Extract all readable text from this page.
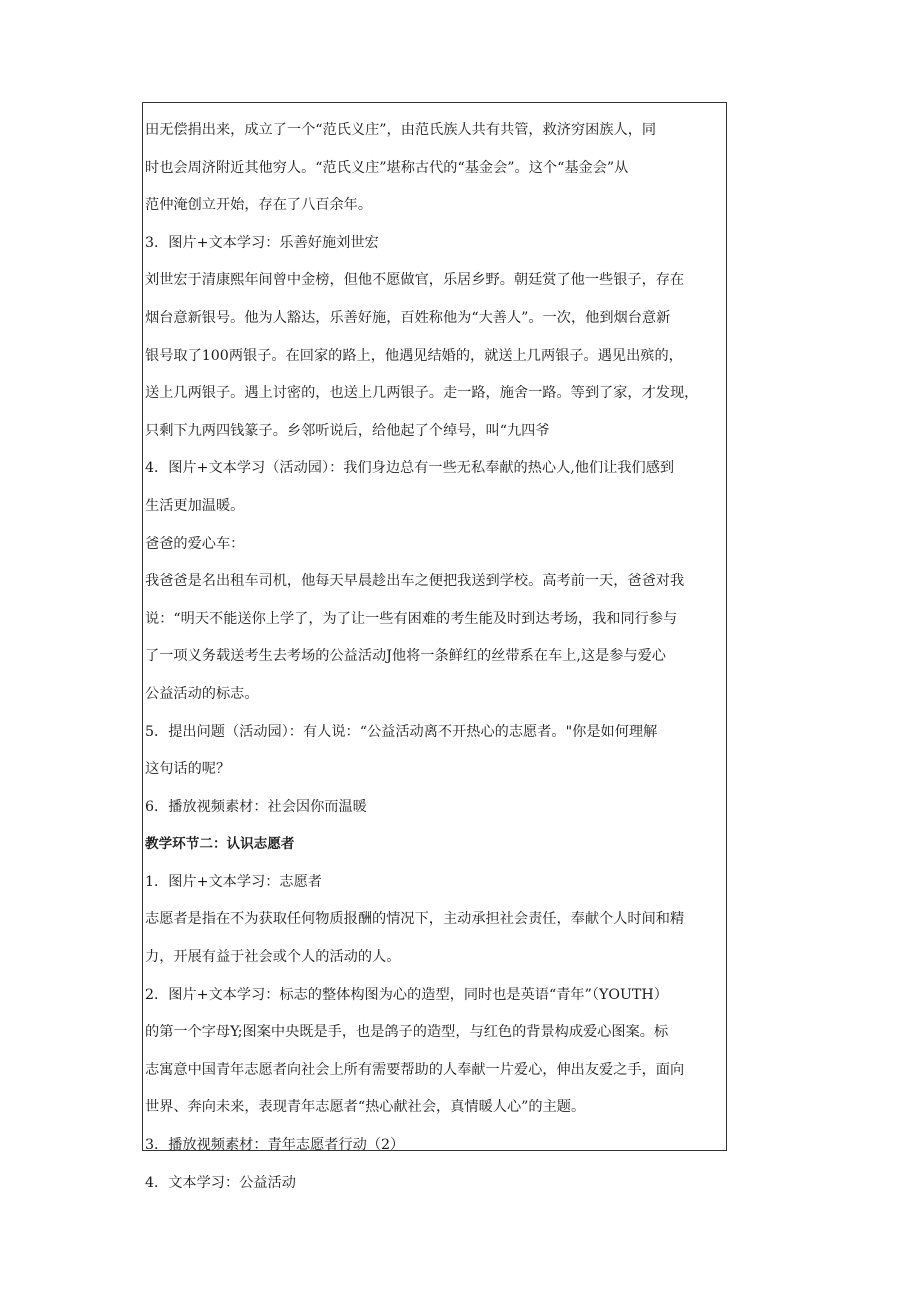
田无偿捐出来，成立了一个“范氏义庄”，由范氏族人共有共管，救济穷困族人，同
时也会周济附近其他穷人。“范氏义庄”堪称古代的“基金会”。这个“基金会”从
范仲淹创立开始，存在了八百余年。
3．图片+文本学习：乐善好施刘世宏
刘世宏于清康熙年间曾中金榜，但他不愿做官，乐居乡野。朝廷赏了他一些银子，存在
烟台意新银号。他为人豁达，乐善好施，百姓称他为“大善人”。一次，他到烟台意新
银号取了100两银子。在回家的路上，他遇见结婚的，就送上几两银子。遇见出殡的，
送上几两银子。遇上讨密的，也送上几两银子。走一路，施舍一路。等到了家，才发现，
只剩下九两四钱篆子。乡邻听说后，给他起了个绰号，叫“九四爷
4．图片+文本学习（活动园）：我们身边总有一些无私奉献的热心人,他们让我们感到
生活更加温暖。
爸爸的爱心车：
我爸爸是名出租车司机，他每天早晨趁出车之便把我送到学校。高考前一天，爸爸对我
说：“明天不能送你上学了，为了让一些有困难的考生能及时到达考场，我和同行参与
了一项义务载送考生去考场的公益活动J他将一条鲜红的丝带系在车上,这是参与爱心
公益活动的标志。
5．提出问题（活动园）：有人说：“公益活动离不开热心的志愿者。"你是如何理解
这句话的呢？
6．播放视频素材：社会因你而温暖
教学环节二：认识志愿者
1．图片+文本学习：志愿者
志愿者是指在不为获取任何物质报酬的情况下，主动承担社会责任，奉献个人时间和精
力，开展有益于社会或个人的活动的人。
2．图片+文本学习：标志的整体构图为心的造型，同时也是英语“青年”（YOUTH）
的第一个字母Y;图案中央既是手，也是鸽子的造型，与红色的背景构成爱心图案。标
志寓意中国青年志愿者向社会上所有需要帮助的人奉献一片爱心，伸出友爱之手，面向
世界、奔向未来，表现青年志愿者“热心献社会，真情暖人心”的主题。
3．播放视频素材：青年志愿者行动（2）
4．文本学习：公益活动
